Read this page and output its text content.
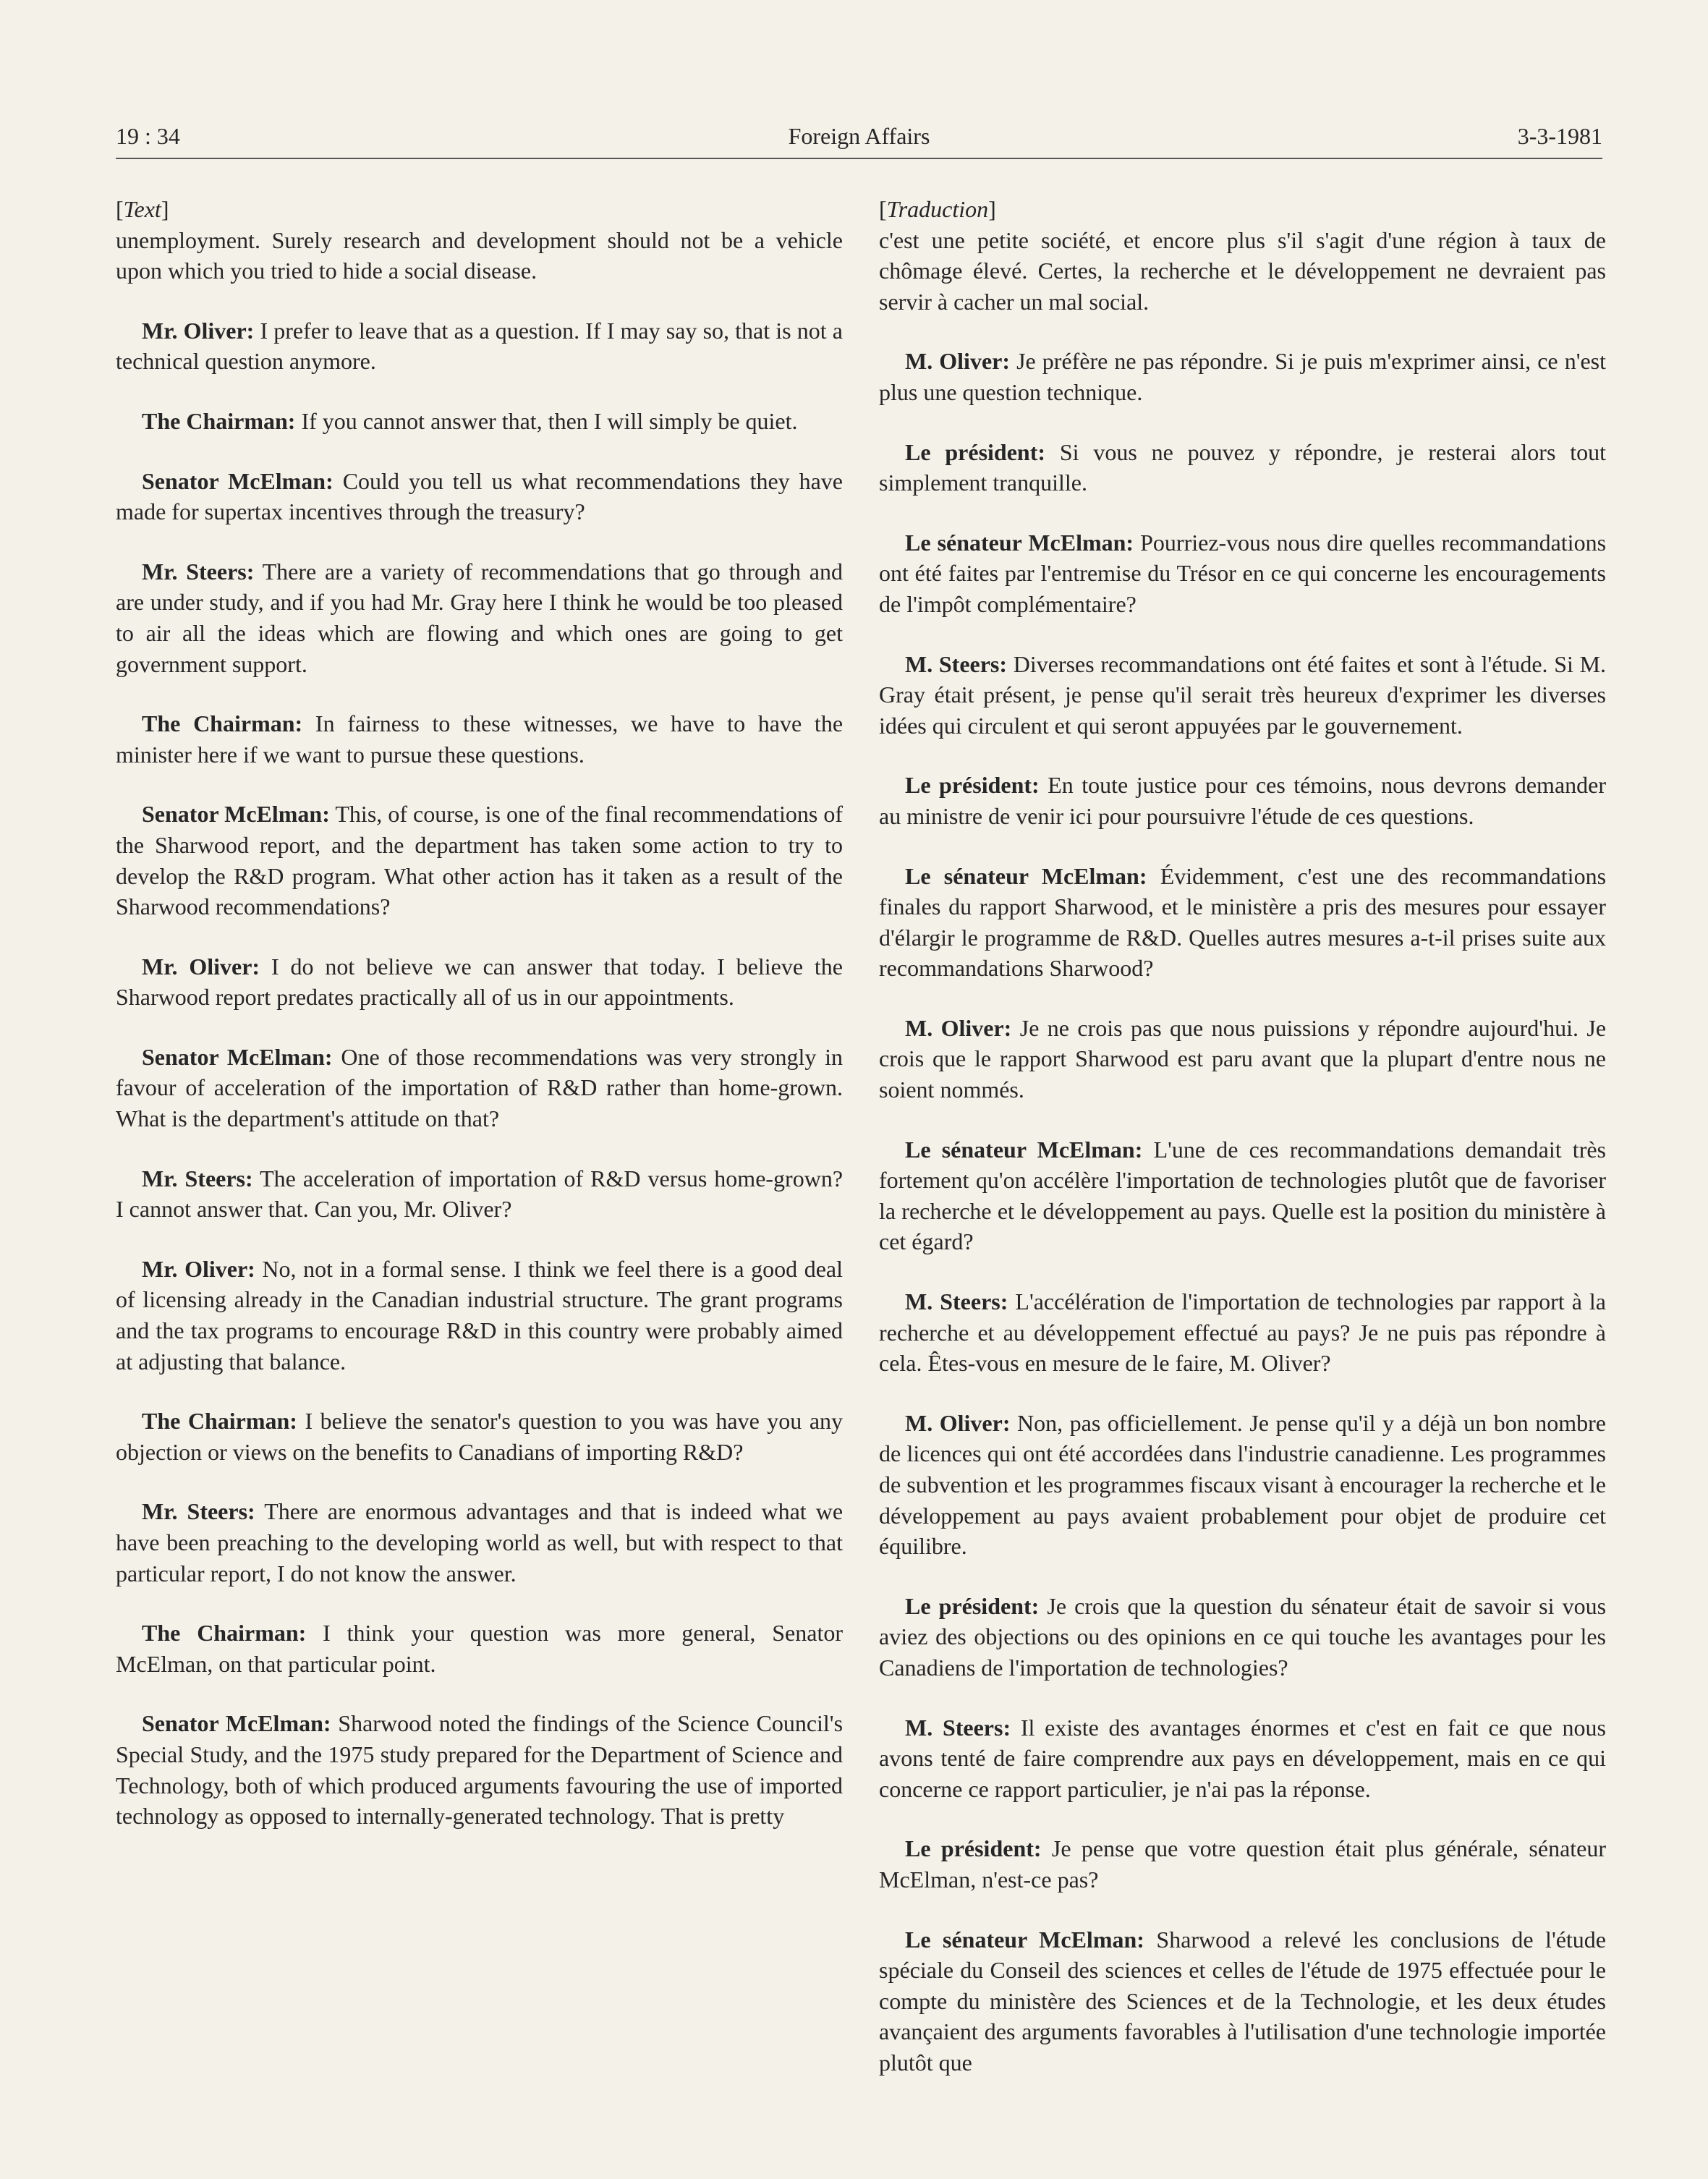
19 : 34	Foreign Affairs	3-3-1981

[Text]

unemployment. Surely research and development should not be a vehicle upon which you tried to hide a social disease.

Mr. Oliver: I prefer to leave that as a question. If I may say so, that is not a technical question anymore.

The Chairman: If you cannot answer that, then I will simply be quiet.

Senator McElman: Could you tell us what recommendations they have made for supertax incentives through the treasury?

Mr. Steers: There are a variety of recommendations that go through and are under study, and if you had Mr. Gray here I think he would be too pleased to air all the ideas which are flowing and which ones are going to get government support.

The Chairman: In fairness to these witnesses, we have to have the minister here if we want to pursue these questions.

Senator McElman: This, of course, is one of the final recommendations of the Sharwood report, and the department has taken some action to try to develop the R&D program. What other action has it taken as a result of the Sharwood recommendations?

Mr. Oliver: I do not believe we can answer that today. I believe the Sharwood report predates practically all of us in our appointments.

Senator McElman: One of those recommendations was very strongly in favour of acceleration of the importation of R&D rather than home-grown. What is the department's attitude on that?

Mr. Steers: The acceleration of importation of R&D versus home-grown? I cannot answer that. Can you, Mr. Oliver?

Mr. Oliver: No, not in a formal sense. I think we feel there is a good deal of licensing already in the Canadian industrial structure. The grant programs and the tax programs to encourage R&D in this country were probably aimed at adjusting that balance.

The Chairman: I believe the senator's question to you was have you any objection or views on the benefits to Canadians of importing R&D?

Mr. Steers: There are enormous advantages and that is indeed what we have been preaching to the developing world as well, but with respect to that particular report, I do not know the answer.

The Chairman: I think your question was more general, Senator McElman, on that particular point.

Senator McElman: Sharwood noted the findings of the Science Council's Special Study, and the 1975 study prepared for the Department of Science and Technology, both of which produced arguments favouring the use of imported technology as opposed to internally-generated technology. That is pretty

[Traduction]

c'est une petite société, et encore plus s'il s'agit d'une région à taux de chômage élevé. Certes, la recherche et le développement ne devraient pas servir à cacher un mal social.

M. Oliver: Je préfère ne pas répondre. Si je puis m'exprimer ainsi, ce n'est plus une question technique.

Le président: Si vous ne pouvez y répondre, je resterai alors tout simplement tranquille.

Le sénateur McElman: Pourriez-vous nous dire quelles recommandations ont été faites par l'entremise du Trésor en ce qui concerne les encouragements de l'impôt complémentaire?

M. Steers: Diverses recommandations ont été faites et sont à l'étude. Si M. Gray était présent, je pense qu'il serait très heureux d'exprimer les diverses idées qui circulent et qui seront appuyées par le gouvernement.

Le président: En toute justice pour ces témoins, nous devrons demander au ministre de venir ici pour poursuivre l'étude de ces questions.

Le sénateur McElman: Évidemment, c'est une des recommandations finales du rapport Sharwood, et le ministère a pris des mesures pour essayer d'élargir le programme de R&D. Quelles autres mesures a-t-il prises suite aux recommandations Sharwood?

M. Oliver: Je ne crois pas que nous puissions y répondre aujourd'hui. Je crois que le rapport Sharwood est paru avant que la plupart d'entre nous ne soient nommés.

Le sénateur McElman: L'une de ces recommandations demandait très fortement qu'on accélère l'importation de technologies plutôt que de favoriser la recherche et le développement au pays. Quelle est la position du ministère à cet égard?

M. Steers: L'accélération de l'importation de technologies par rapport à la recherche et au développement effectué au pays? Je ne puis pas répondre à cela. Êtes-vous en mesure de le faire, M. Oliver?

M. Oliver: Non, pas officiellement. Je pense qu'il y a déjà un bon nombre de licences qui ont été accordées dans l'industrie canadienne. Les programmes de subvention et les programmes fiscaux visant à encourager la recherche et le développement au pays avaient probablement pour objet de produire cet équilibre.

Le président: Je crois que la question du sénateur était de savoir si vous aviez des objections ou des opinions en ce qui touche les avantages pour les Canadiens de l'importation de technologies?

M. Steers: Il existe des avantages énormes et c'est en fait ce que nous avons tenté de faire comprendre aux pays en développement, mais en ce qui concerne ce rapport particulier, je n'ai pas la réponse.

Le président: Je pense que votre question était plus générale, sénateur McElman, n'est-ce pas?

Le sénateur McElman: Sharwood a relevé les conclusions de l'étude spéciale du Conseil des sciences et celles de l'étude de 1975 effectuée pour le compte du ministère des Sciences et de la Technologie, et les deux études avançaient des arguments favorables à l'utilisation d'une technologie importée plutôt que
